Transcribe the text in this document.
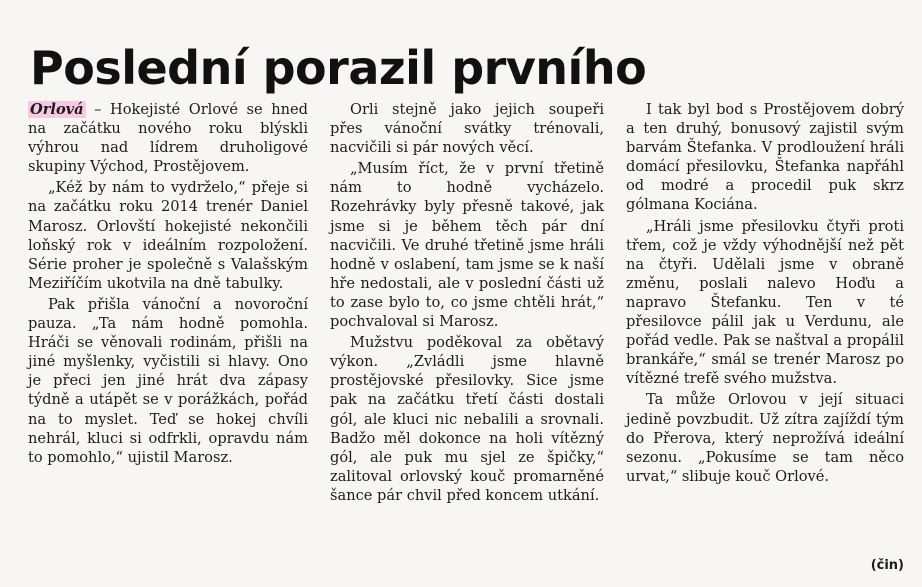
Poslední porazil prvního

Orlová – Hokejisté Orlové se hned na začátku nového roku blýskli výhrou nad lídrem druholigové skupiny Východ, Prostějovem.

„Kéž by nám to vydrželo,“ přeje si na začátku roku 2014 trenér Daniel Marosz. Orlovští hokejisté nekončili loňský rok v ideálním rozpoložení. Série proher je společně s Valašským Meziříčím ukotvila na dně tabulky.

Pak přišla vánoční a novoroční pauza. „Ta nám hodně pomohla. Hráči se věnovali rodinám, přišli na jiné myšlenky, vyčistili si hlavy. Ono je přeci jen jiné hrát dva zápasy týdně a utápět se v porážkách, pořád na to myslet. Teď se hokej chvíli nehrál, kluci si odfrkli, opravdu nám to pomohlo,“ ujistil Marosz.

Orli stejně jako jejich soupeři přes vánoční svátky trénovali, nacvičili si pár nových věcí.

„Musím říct, že v první třetině nám to hodně vycházelo. Rozehrávky byly přesně takové, jak jsme si je během těch pár dní nacvičili. Ve druhé třetině jsme hráli hodně v oslabení, tam jsme se k naší hře nedostali, ale v poslední části už to zase bylo to, co jsme chtěli hrát,“ pochvaloval si Marosz.

Mužstvu poděkoval za obětavý výkon. „Zvládli jsme hlavně prostějovské přesilovky. Sice jsme pak na začátku třetí části dostali gól, ale kluci nic nebalili a srovnali. Badžo měl dokonce na holi vítězný gól, ale puk mu sjel ze špičky,“ zalitoval orlovský kouč promarněné šance pár chvil před koncem utkání.

I tak byl bod s Prostějovem dobrý a ten druhý, bonusový zajistil svým barvám Štefanka. V prodloužení hráli domácí přesilovku, Štefanka napřáhl od modré a procedil puk skrz gólmana Kociána.

„Hráli jsme přesilovku čtyři proti třem, což je vždy výhodnější než pět na čtyři. Udělali jsme v obraně změnu, poslali nalevo Hoďu a napravo Štefanku. Ten v té přesilovce pálil jak u Verdunu, ale pořád vedle. Pak se naštval a propálil brankáře,“ smál se trenér Marosz po vítězné trefě svého mužstva.

Ta může Orlovou v její situaci jedině povzbudit. Už zítra zajíždí tým do Přerova, který neprožívá ideální sezonu. „Pokusíme se tam něco urvat,“ slibuje kouč Orlové.

(čin)
